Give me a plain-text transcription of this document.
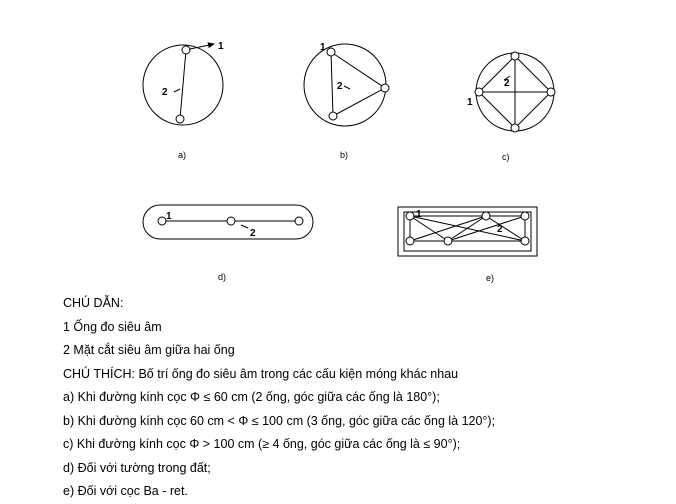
1
2
a)
1
2
b)
1
2
c)
1
2
d)
1
2
e)

CHÚ DẪN:

1 Ống đo siêu âm

2 Mặt cắt siêu âm giữa hai ống

CHÚ THÍCH: Bố trí ống đo siêu âm trong các cấu kiện móng khác nhau

a) Khi đường kính cọc Φ ≤ 60 cm (2 ống, góc giữa các ống là 180°);

b) Khi đường kính cọc 60 cm < Φ ≤ 100 cm (3 ống, góc giữa các ống là 120°);

c) Khi đường kính cọc Φ > 100 cm (≥ 4 ống, góc giữa các ống là ≤ 90°);

d) Đối với tường trong đất;

e) Đối với cọc Ba - ret.
